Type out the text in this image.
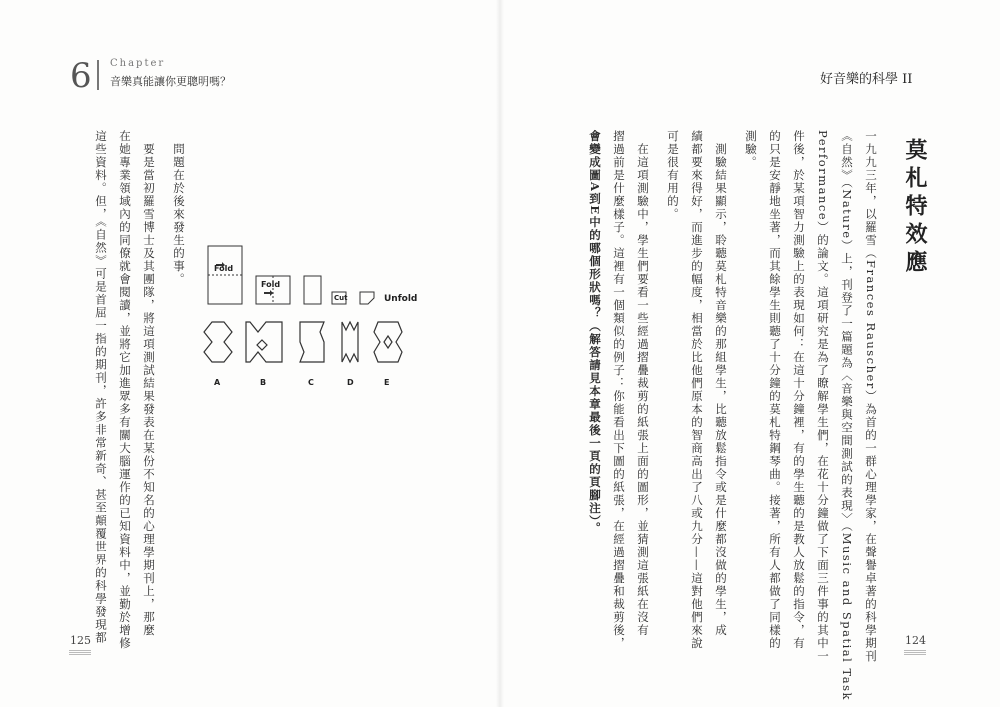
6 Chapter
音樂真能讓你更聰明嗎？	好音樂的科學 II
莫札特效應
一九九三年，以羅雪（Frances Rauscher）為首的一群心理學家，在聲譽卓著的科學期刊
《自然》（Nature）上，刊登了一篇題為〈音樂與空間測試的表現〉（Music and Spatial Task
Performance）的論文。這項研究是為了瞭解學生們，在花十分鐘做了下面三件事的其中一
件後，於某項智力測驗上的表現如何：在這十分鐘裡，有的學生聽的是教人放鬆的指令，有
的只是安靜地坐著，而其餘學生則聽了十分鐘的莫札特鋼琴曲。接著，所有人都做了同樣的
測驗。
　測驗結果顯示，聆聽莫札特音樂的那組學生，比聽放鬆指令或是什麼都沒做的學生，成
績都要來得好，而進步的幅度，相當於比他們原本的智商高出了八或九分——這對他們來說
可是很有用的。
　在這項測驗中，學生們要看一些經過摺疊裁剪的紙張上面的圖形，並猜測這張紙在沒有
摺過前是什麼樣子。這裡有一個類似的例子：你能看出下圖的紙張，在經過摺疊和裁剪後，
會變成圖A到E中的哪個形狀嗎？（解答請見本章最後一頁的頁腳注）。
124
　問題在於後來發生的事。
　要是當初羅雪博士及其團隊，將這項測試結果發表在某份不知名的心理學期刊上，那麼
在她專業領域內的同僚就會閱讀，並將它加進眾多有關大腦運作的已知資料中，並勤於增修
這些資料。但，《自然》可是首屈一指的期刊，許多非常新奇、甚至顛覆世界的科學發現都
125
Fold
Fold
Cut	Unfold
A	B	C	D	E
